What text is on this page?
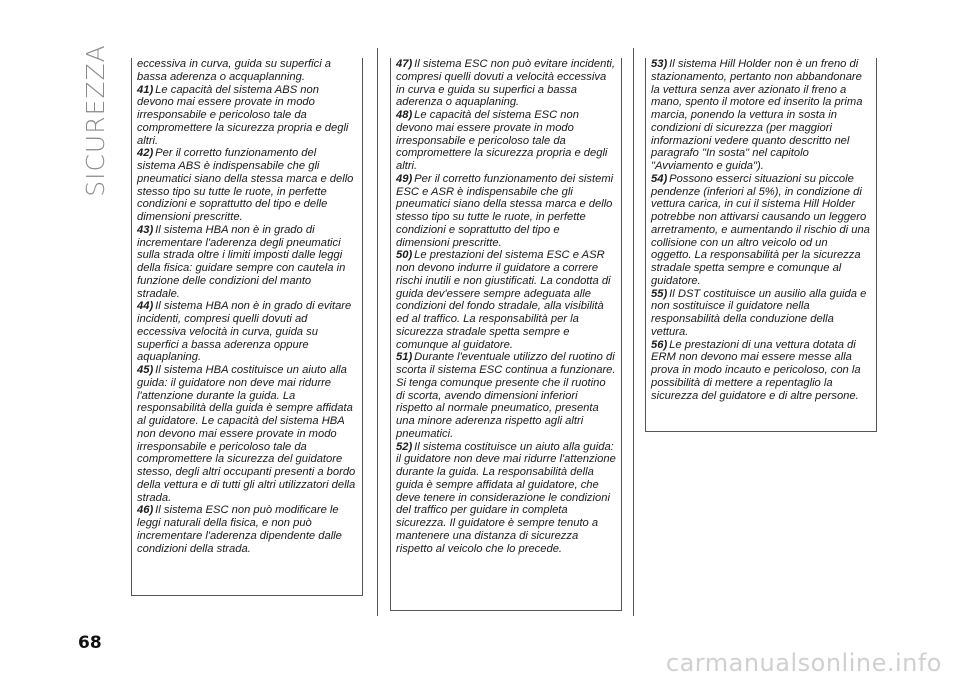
SICUREZZA eccessiva in curva, guida su superfici a bassa aderenza o acquaplanning.

41) Le capacità del sistema ABS non devono mai essere provate in modo irresponsabile e pericoloso tale da compromettere la sicurezza propria e degli altri.

42) Per il corretto funzionamento del sistema ABS è indispensabile che gli pneumatici siano della stessa marca e dello stesso tipo su tutte le ruote, in perfette condizioni e soprattutto del tipo e delle dimensioni prescritte.

43) Il sistema HBA non è in grado di incrementare l'aderenza degli pneumatici sulla strada oltre i limiti imposti dalle leggi della fisica: guidare sempre con cautela in funzione delle condizioni del manto stradale.

44) Il sistema HBA non è in grado di evitare incidenti, compresi quelli dovuti ad eccessiva velocità in curva, guida su superfici a bassa aderenza oppure aquaplaning.

45) Il sistema HBA costituisce un aiuto alla guida: il guidatore non deve mai ridurre l'attenzione durante la guida. La responsabilità della guida è sempre affidata al guidatore. Le capacità del sistema HBA non devono mai essere provate in modo irresponsabile e pericoloso tale da compromettere la sicurezza del guidatore stesso, degli altri occupanti presenti a bordo della vettura e di tutti gli altri utilizzatori della strada.

46) Il sistema ESC non può modificare le leggi naturali della fisica, e non può incrementare l'aderenza dipendente dalle condizioni della strada.

47) Il sistema ESC non può evitare incidenti, compresi quelli dovuti a velocità eccessiva in curva e guida su superfici a bassa aderenza o aquaplaning.

48) Le capacità del sistema ESC non devono mai essere provate in modo irresponsabile e pericoloso tale da compromettere la sicurezza propria e degli altri.

49) Per il corretto funzionamento dei sistemi ESC e ASR è indispensabile che gli pneumatici siano della stessa marca e dello stesso tipo su tutte le ruote, in perfette condizioni e soprattutto del tipo e dimensioni prescritte.

50) Le prestazioni del sistema ESC e ASR non devono indurre il guidatore a correre rischi inutili e non giustificati. La condotta di guida dev'essere sempre adeguata alle condizioni del fondo stradale, alla visibilità ed al traffico. La responsabilità per la sicurezza stradale spetta sempre e comunque al guidatore.

51) Durante l'eventuale utilizzo del ruotino di scorta il sistema ESC continua a funzionare. Si tenga comunque presente che il ruotino di scorta, avendo dimensioni inferiori rispetto al normale pneumatico, presenta una minore aderenza rispetto agli altri pneumatici.

52) Il sistema costituisce un aiuto alla guida: il guidatore non deve mai ridurre l'attenzione durante la guida. La responsabilità della guida è sempre affidata al guidatore, che deve tenere in considerazione le condizioni del traffico per guidare in completa sicurezza. Il guidatore è sempre tenuto a mantenere una distanza di sicurezza rispetto al veicolo che lo precede.

53) Il sistema Hill Holder non è un freno di stazionamento, pertanto non abbandonare la vettura senza aver azionato il freno a mano, spento il motore ed inserito la prima marcia, ponendo la vettura in sosta in condizioni di sicurezza (per maggiori informazioni vedere quanto descritto nel paragrafo "In sosta" nel capitolo "Avviamento e guida").

54) Possono esserci situazioni su piccole pendenze (inferiori al 5%), in condizione di vettura carica, in cui il sistema Hill Holder potrebbe non attivarsi causando un leggero arretramento, e aumentando il rischio di una collisione con un altro veicolo od un oggetto. La responsabilità per la sicurezza stradale spetta sempre e comunque al guidatore.

55) Il DST costituisce un ausilio alla guida e non sostituisce il guidatore nella responsabilità della conduzione della vettura.

56) Le prestazioni di una vettura dotata di ERM non devono mai essere messe alla prova in modo incauto e pericoloso, con la possibilità di mettere a repentaglio la sicurezza del guidatore e di altre persone.

68
carmanualsonline.info
